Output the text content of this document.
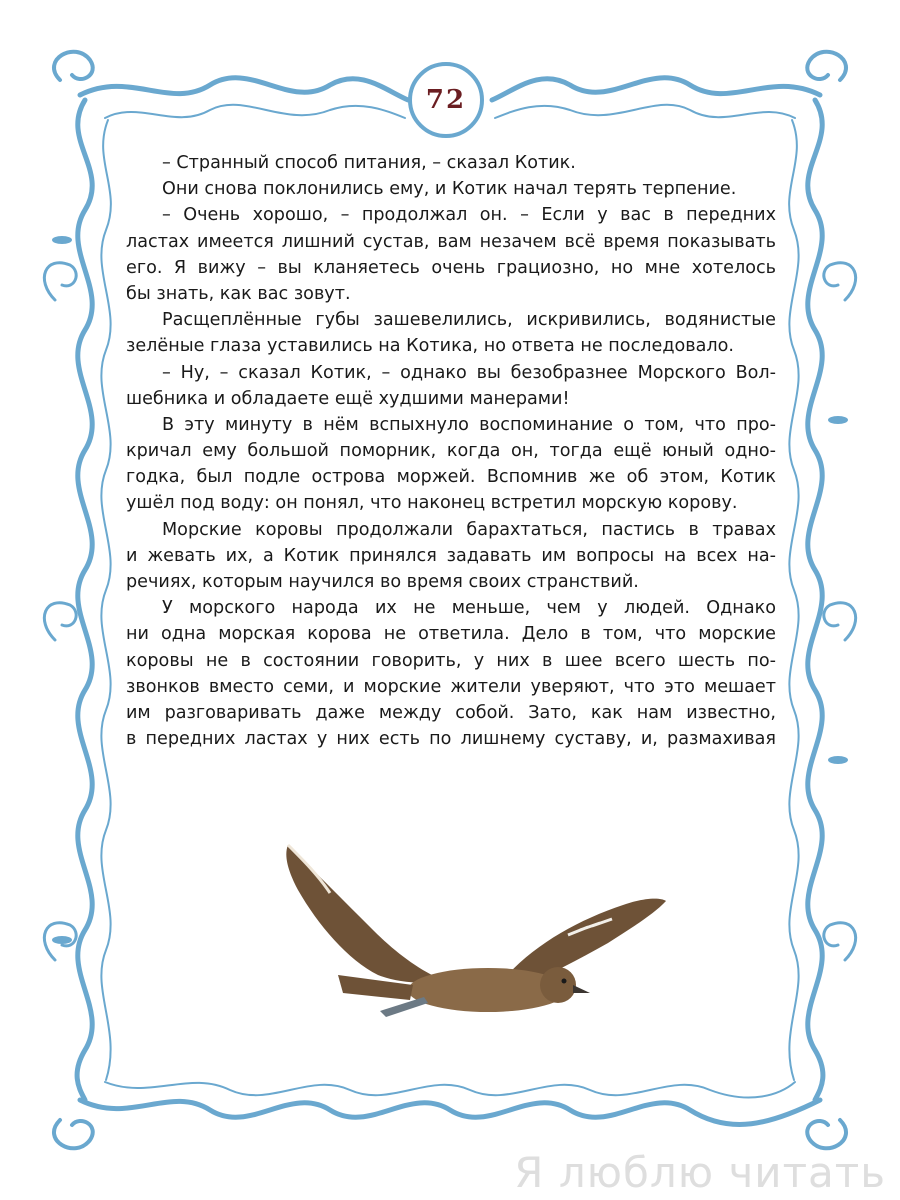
72
– Странный способ питания, – сказал Котик.
Они снова поклонились ему, и Котик начал терять терпение.
– Очень хорошо, – продолжал он. – Если у вас в передних
ластах имеется лишний сустав, вам незачем всё время показывать
его. Я вижу – вы кланяетесь очень грациозно, но мне хотелось
бы знать, как вас зовут.
Расщеплённые губы зашевелились, искривились, водянистые
зелёные глаза уставились на Котика, но ответа не последовало.
– Ну, – сказал Котик, – однако вы безобразнее Морского Вол-
шебника и обладаете ещё худшими манерами!
В эту минуту в нём вспыхнуло воспоминание о том, что про-
кричал ему большой поморник, когда он, тогда ещё юный одно-
годка, был подле острова моржей. Вспомнив же об этом, Котик
ушёл под воду: он понял, что наконец встретил морскую корову.
Морские коровы продолжали барахтаться, пастись в травах
и жевать их, а Котик принялся задавать им вопросы на всех на-
речиях, которым научился во время своих странствий.
У морского народа их не меньше, чем у людей. Однако
ни одна морская корова не ответила. Дело в том, что морские
коровы не в состоянии говорить, у них в шее всего шесть по-
звонков вместо семи, и морские жители уверяют, что это мешает
им разговаривать даже между собой. Зато, как нам известно,
в передних ластах у них есть по лишнему суставу, и, размахивая
Я люблю читать
